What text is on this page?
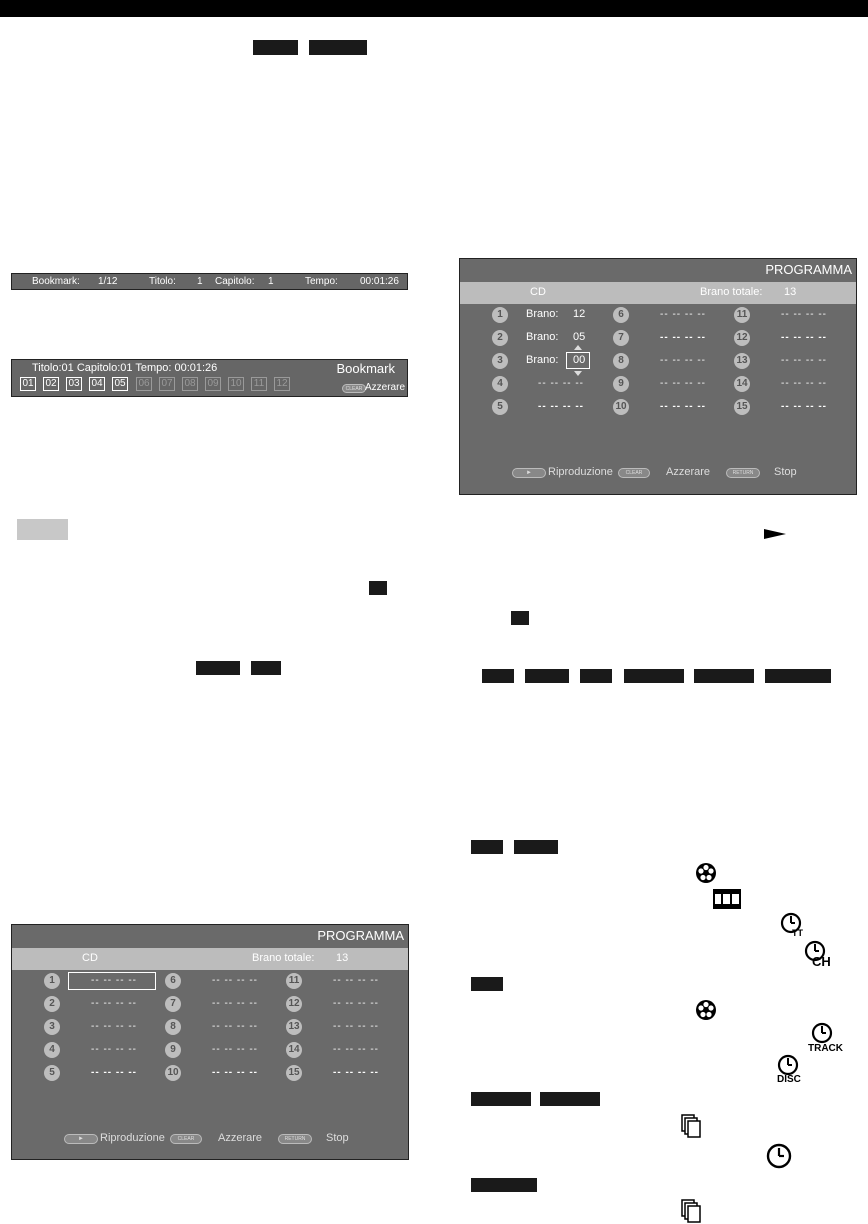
Bookmark: 1/12	Titolo: 1 Capitolo: 1	Tempo: 00:01:26
Titolo:01 Capitolo:01 Tempo: 00:01:26	Bookmark
01 02 03 04 05 06 07 08 09 10 11 12	CLEAR Azzerare
PROGRAMMA
CD	Brano totale: 13
1	-- -- -- --	6	-- -- -- --	11	-- -- -- --
2	-- -- -- --	7	-- -- -- --	12	-- -- -- --
3	-- -- -- --	8	-- -- -- --	13	-- -- -- --
4	-- -- -- --	9	-- -- -- --	14	-- -- -- --
5	-- -- -- --	10	-- -- -- --	15	-- -- -- --
►	Riproduzione	CLEAR	Azzerare	RETURN	Stop
PROGRAMMA
CD	Brano totale: 13
1	Brano: 12	6	-- -- -- --	11	-- -- -- --
2	Brano: 05	7	-- -- -- --	12	-- -- -- --
3	Brano: 00	8	-- -- -- --	13	-- -- -- --
4	-- -- -- --	9	-- -- -- --	14	-- -- -- --
5	-- -- -- --	10	-- -- -- --	15	-- -- -- --
►	Riproduzione	CLEAR	Azzerare	RETURN	Stop
TT
CH
TRACK
DISC
